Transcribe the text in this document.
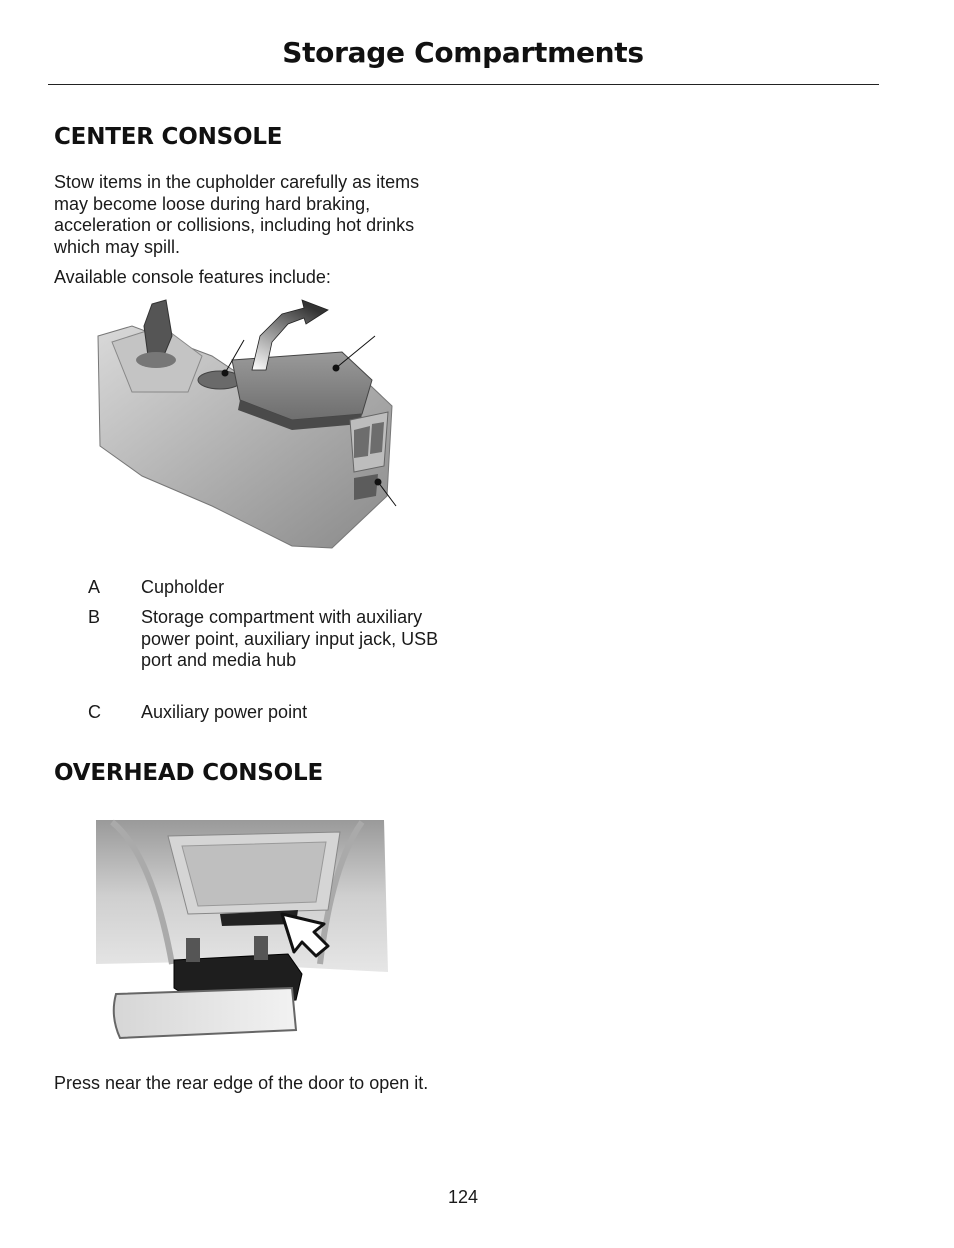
Storage Compartments
CENTER CONSOLE

Stow items in the cupholder carefully as items may become loose during hard braking, acceleration or collisions, including hot drinks which may spill.

Available console features include:

A	Cupholder
B	Storage compartment with auxiliary power point, auxiliary input jack, USB port and media hub
C	Auxiliary power point
OVERHEAD CONSOLE

Press near the rear edge of the door to open it.

124
